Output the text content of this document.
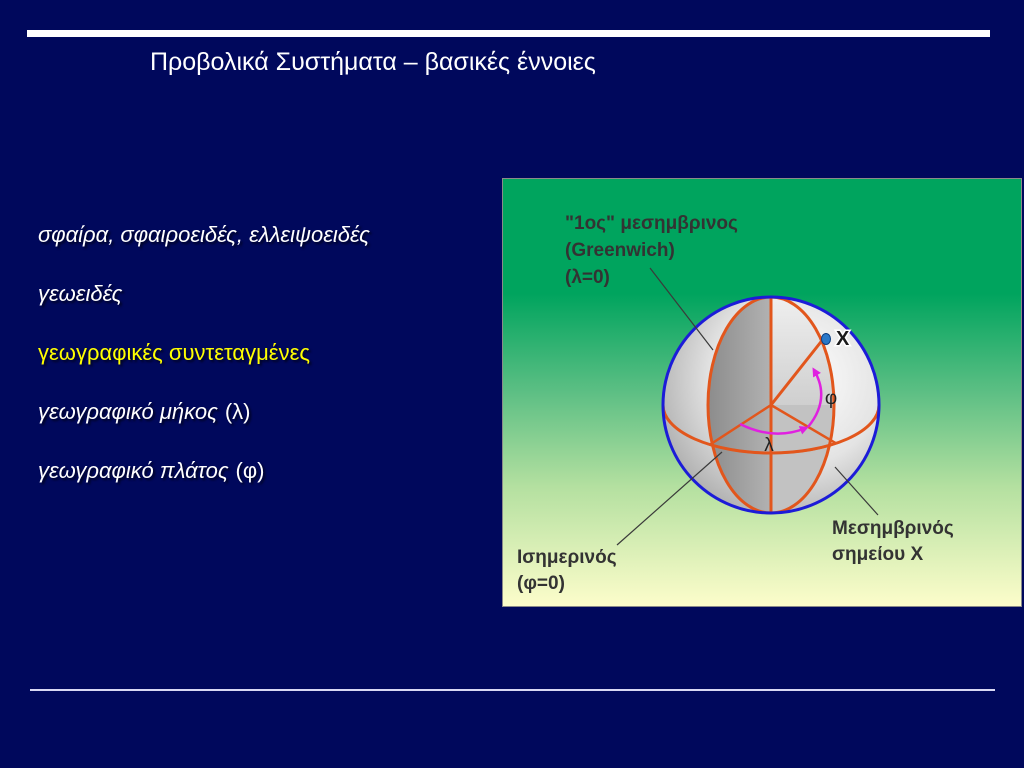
Προβολικά Συστήματα – βασικές έννοιες
σφαίρα, σφαιροειδές, ελλειψοειδές
γεωειδές
γεωγραφικές συντεταγμένες
γεωγραφικό μήκος (λ)
γεωγραφικό πλάτος (φ)
λ
φ
X
"1ος" μεσημβρινος
(Greenwich)
(λ=0)
Μεσημβρινός
σημείου X
Ισημερινός
(φ=0)
